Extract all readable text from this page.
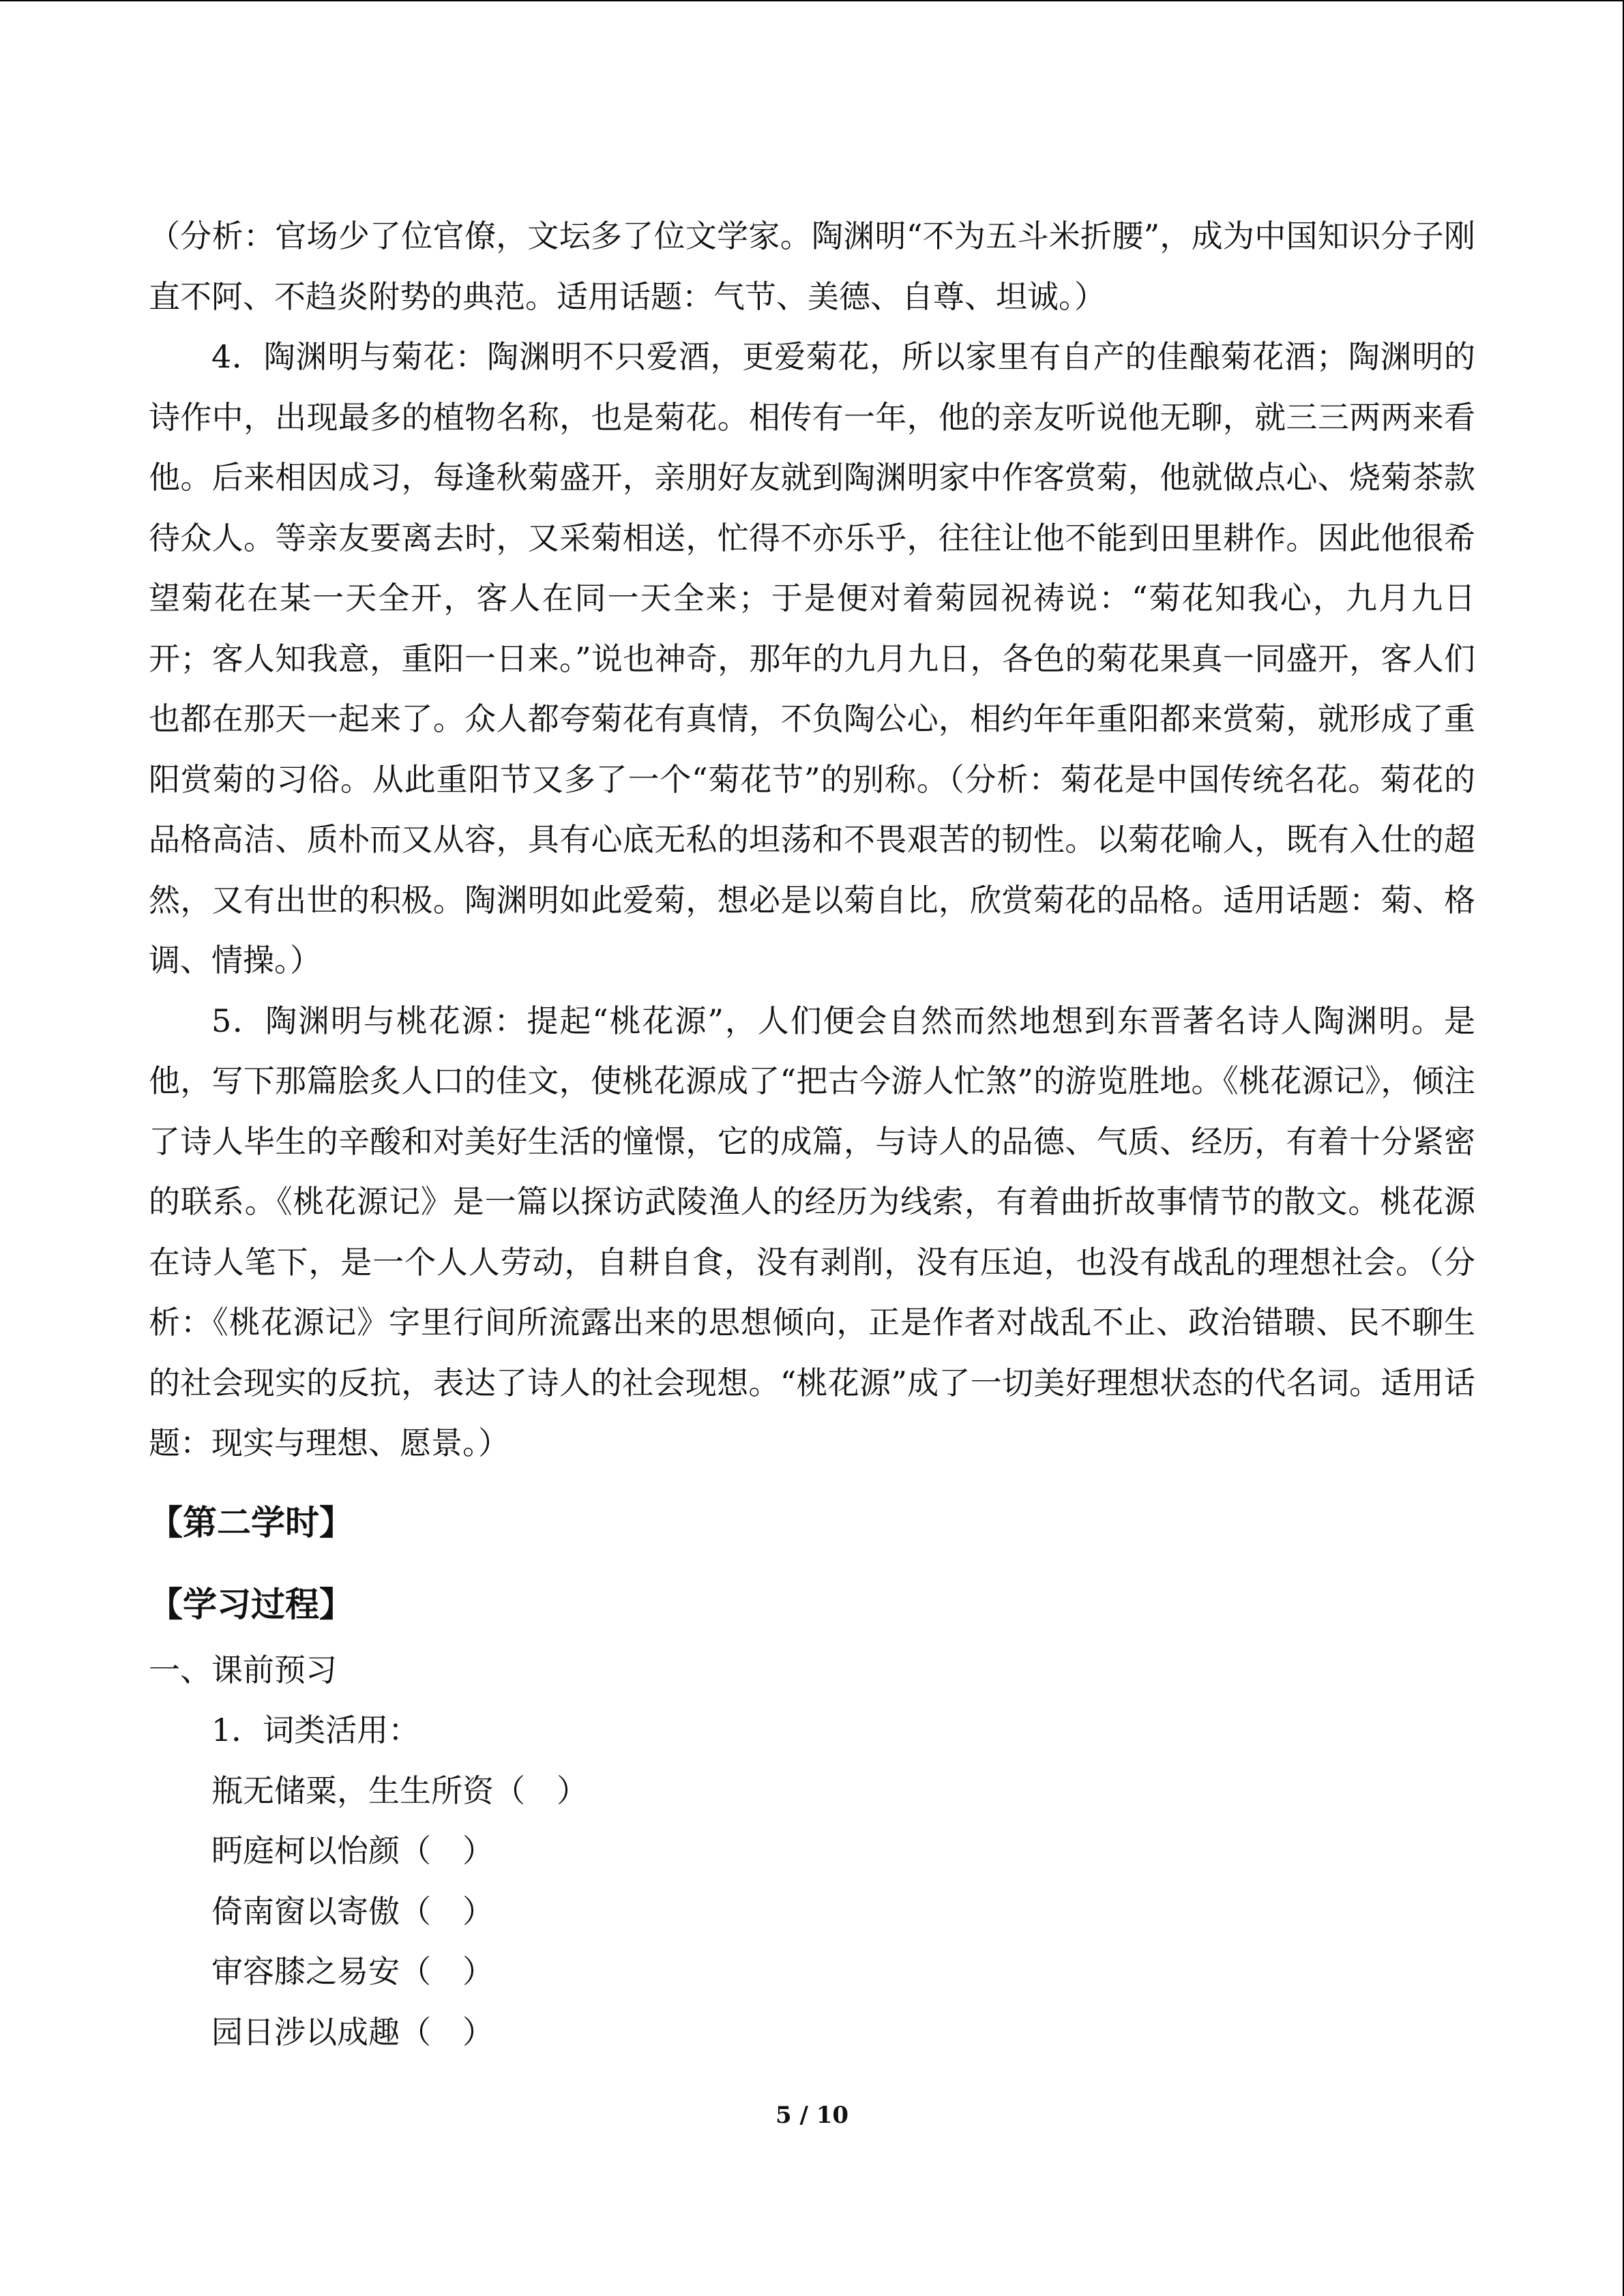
（分析：官场少了位官僚，文坛多了位文学家。陶渊明“不为五斗米折腰”，成为中国知识分子刚直不阿、不趋炎附势的典范。适用话题：气节、美德、自尊、坦诚。）

4．陶渊明与菊花：陶渊明不只爱酒，更爱菊花，所以家里有自产的佳酿菊花酒；陶渊明的诗作中，出现最多的植物名称，也是菊花。相传有一年，他的亲友听说他无聊，就三三两两来看他。后来相因成习，每逢秋菊盛开，亲朋好友就到陶渊明家中作客赏菊，他就做点心、烧菊茶款待众人。等亲友要离去时，又采菊相送，忙得不亦乐乎，往往让他不能到田里耕作。因此他很希望菊花在某一天全开，客人在同一天全来；于是便对着菊园祝祷说：“菊花知我心，九月九日开；客人知我意，重阳一日来。”说也神奇，那年的九月九日，各色的菊花果真一同盛开，客人们也都在那天一起来了。众人都夸菊花有真情，不负陶公心，相约年年重阳都来赏菊，就形成了重阳赏菊的习俗。从此重阳节又多了一个“菊花节”的别称。（分析：菊花是中国传统名花。菊花的品格高洁、质朴而又从容，具有心底无私的坦荡和不畏艰苦的韧性。以菊花喻人，既有入仕的超然，又有出世的积极。陶渊明如此爱菊，想必是以菊自比，欣赏菊花的品格。适用话题：菊、格调、情操。）

5．陶渊明与桃花源：提起“桃花源”，人们便会自然而然地想到东晋著名诗人陶渊明。是他，写下那篇脍炙人口的佳文，使桃花源成了“把古今游人忙煞”的游览胜地。《桃花源记》，倾注了诗人毕生的辛酸和对美好生活的憧憬，它的成篇，与诗人的品德、气质、经历，有着十分紧密的联系。《桃花源记》是一篇以探访武陵渔人的经历为线索，有着曲折故事情节的散文。桃花源在诗人笔下，是一个人人劳动，自耕自食，没有剥削，没有压迫，也没有战乱的理想社会。（分析：《桃花源记》字里行间所流露出来的思想倾向，正是作者对战乱不止、政治错聩、民不聊生的社会现实的反抗，表达了诗人的社会现想。“桃花源”成了一切美好理想状态的代名词。适用话题：现实与理想、愿景。）

【第二学时】

【学习过程】

一、课前预习

1．词类活用：

瓶无储粟，生生所资（　）

眄庭柯以怡颜（　）

倚南窗以寄傲（　）

审容膝之易安（　）

园日涉以成趣（　）

5 / 10
